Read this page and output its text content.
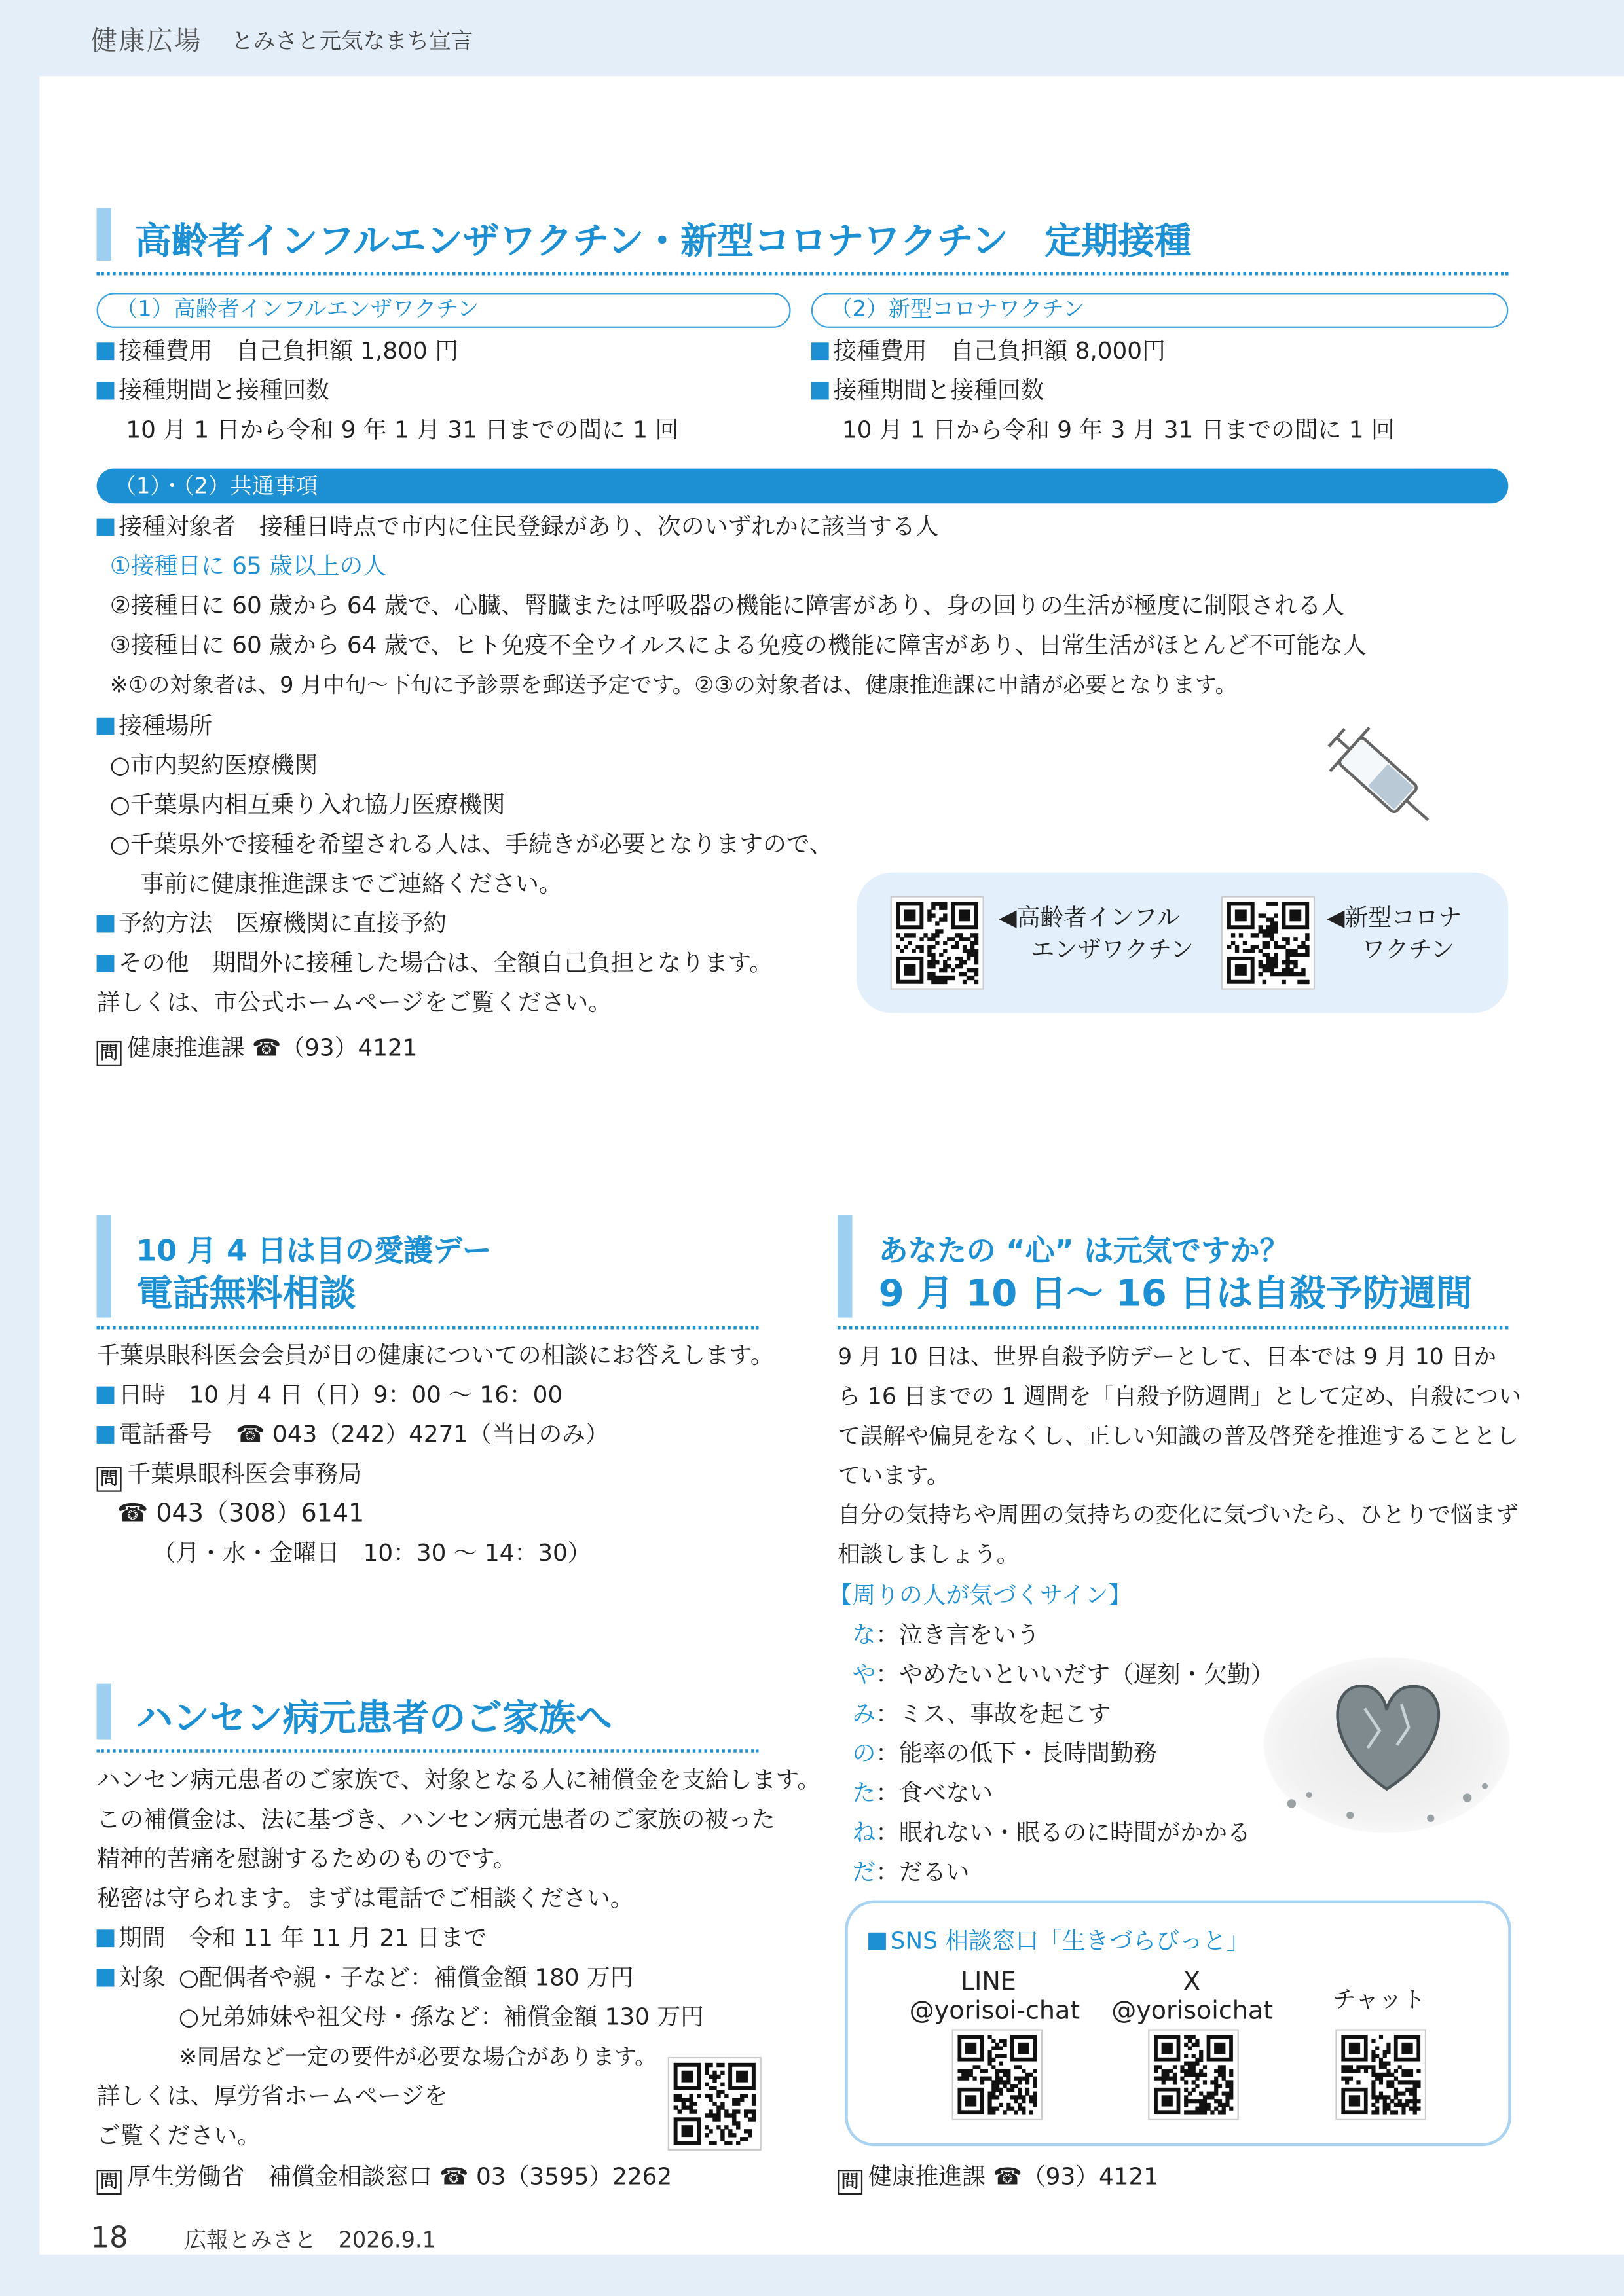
健康広場	とみさと元気なまち宣言
高齢者インフルエンザワクチン・新型コロナワクチン　定期接種
（1）高齢者インフルエンザワクチン	（2）新型コロナワクチン
接種費用　自己負担額 1,800 円
接種期間と接種回数
10 月 1 日から令和 9 年 1 月 31 日までの間に 1 回
接種費用　自己負担額 8,000円
接種期間と接種回数
10 月 1 日から令和 9 年 3 月 31 日までの間に 1 回
（1）・（2）共通事項
接種対象者　接種日時点で市内に住民登録があり、次のいずれかに該当する人
①接種日に 65 歳以上の人
②接種日に 60 歳から 64 歳で、心臓、腎臓または呼吸器の機能に障害があり、身の回りの生活が極度に制限される人
③接種日に 60 歳から 64 歳で、ヒト免疫不全ウイルスによる免疫の機能に障害があり、日常生活がほとんど不可能な人
※①の対象者は、9 月中旬～下旬に予診票を郵送予定です。②③の対象者は、健康推進課に申請が必要となります。
接種場所
○市内契約医療機関
○千葉県内相互乗り入れ協力医療機関
○千葉県外で接種を希望される人は、手続きが必要となりますので、
事前に健康推進課までご連絡ください。
予約方法　医療機関に直接予約
その他　期間外に接種した場合は、全額自己負担となります。
詳しくは、市公式ホームページをご覧ください。
問 健康推進課 ☎（93）4121
◀高齢者インフル
エンザワクチン
◀新型コロナ
ワクチン
10 月 4 日は目の愛護デー
電話無料相談
千葉県眼科医会会員が目の健康についての相談にお答えします。
日時　10 月 4 日（日）9：00 ～ 16：00
電話番号　☎ 043（242）4271（当日のみ）
問 千葉県眼科医会事務局
☎ 043（308）6141
（月・水・金曜日　10：30 ～ 14：30）
ハンセン病元患者のご家族へ
ハンセン病元患者のご家族で、対象となる人に補償金を支給します。
この補償金は、法に基づき、ハンセン病元患者のご家族の被った
精神的苦痛を慰謝するためのものです。
秘密は守られます。まずは電話でご相談ください。
期間　令和 11 年 11 月 21 日まで
対象 ○配偶者や親・子など：補償金額 180 万円
○兄弟姉妹や祖父母・孫など：補償金額 130 万円
※同居など一定の要件が必要な場合があります。
詳しくは、厚労省ホームページを
ご覧ください。
問 厚生労働省　補償金相談窓口 ☎ 03（3595）2262
あなたの “心” は元気ですか？
9 月 10 日～ 16 日は自殺予防週間
9 月 10 日は、世界自殺予防デーとして、日本では 9 月 10 日か
ら 16 日までの 1 週間を「自殺予防週間」として定め、自殺につい
て誤解や偏見をなくし、正しい知識の普及啓発を推進することとし
ています。
自分の気持ちや周囲の気持ちの変化に気づいたら、ひとりで悩まず
相談しましょう。
【周りの人が気づくサイン】
な：泣き言をいう
や：やめたいといいだす（遅刻・欠勤）
み：ミス、事故を起こす
の：能率の低下・長時間勤務
た：食べない
ね：眠れない・眠るのに時間がかかる
だ：だるい
SNS 相談窓口「生きづらびっと」
LINE
@yorisoi-chat
X
@yorisoichat	チャット
問 健康推進課 ☎（93）4121
18	広報とみさと　2026.9.1
